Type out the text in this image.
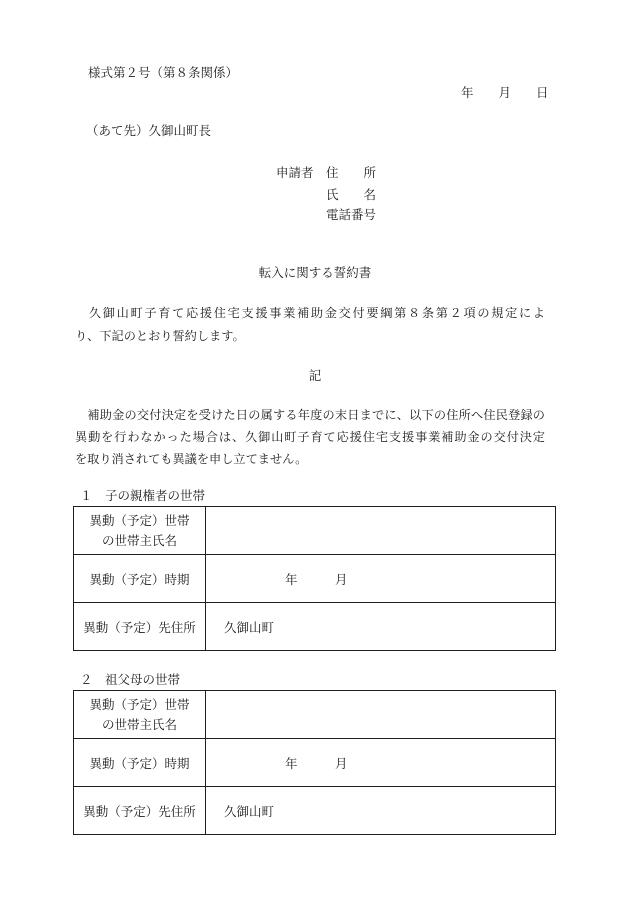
様式第２号（第８条関係）
年　　月　　日
（あて先）久御山町長
申請者 住　　所
氏　　名
電話番号
転入に関する誓約書
　久御山町子育て応援住宅支援事業補助金交付要綱第８条第２項の規定によ
り、下記のとおり誓約します。
記
　補助金の交付決定を受けた日の属する年度の末日までに、以下の住所へ住民登録の
異動を行わなかった場合は、久御山町子育て応援住宅支援事業補助金の交付決定
を取り消されても異議を申し立てません。
１　子の親権者の世帯
異動（予定）世帯
の世帯主氏名
異動（予定）時期	年	月
異動（予定）先住所	久御山町
２　祖父母の世帯
異動（予定）世帯
の世帯主氏名
異動（予定）時期	年	月
異動（予定）先住所	久御山町
